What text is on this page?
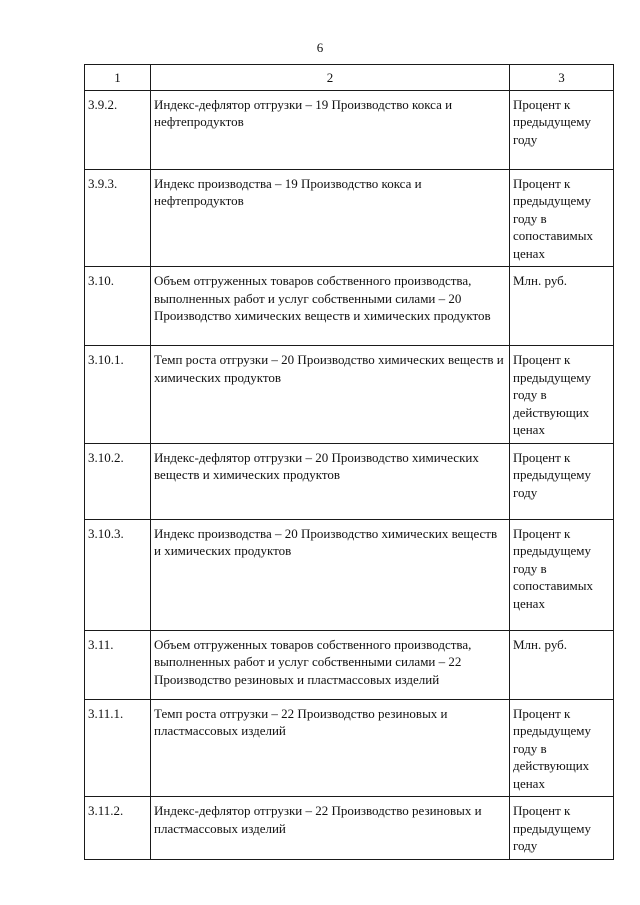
6
1	2	3
3.9.2.	Индекс-дефлятор отгрузки – 19 Производство кокса и нефтепродуктов	Процент к предыдущему году
3.9.3.	Индекс производства – 19 Производство кокса и нефтепродуктов	Процент к предыдущему году в сопоставимых ценах
3.10.	Объем отгруженных товаров собственного производства, выполненных работ и услуг собственными силами – 20 Производство химических веществ и химических продуктов	Млн. руб.
3.10.1.	Темп роста отгрузки – 20 Производство химических веществ и химических продуктов	Процент к предыдущему году в действующих ценах
3.10.2.	Индекс-дефлятор отгрузки – 20 Производство химических веществ и химических продуктов	Процент к предыдущему году
3.10.3.	Индекс производства – 20 Производство химических веществ и химических продуктов	Процент к предыдущему году в сопоставимых ценах
3.11.	Объем отгруженных товаров собственного производства, выполненных работ и услуг собственными силами – 22 Производство резиновых и пластмассовых изделий	Млн. руб.
3.11.1.	Темп роста отгрузки – 22 Производство резиновых и пластмассовых изделий	Процент к предыдущему году в действующих ценах
3.11.2.	Индекс-дефлятор отгрузки – 22 Производство резиновых и пластмассовых изделий	Процент к предыдущему году
